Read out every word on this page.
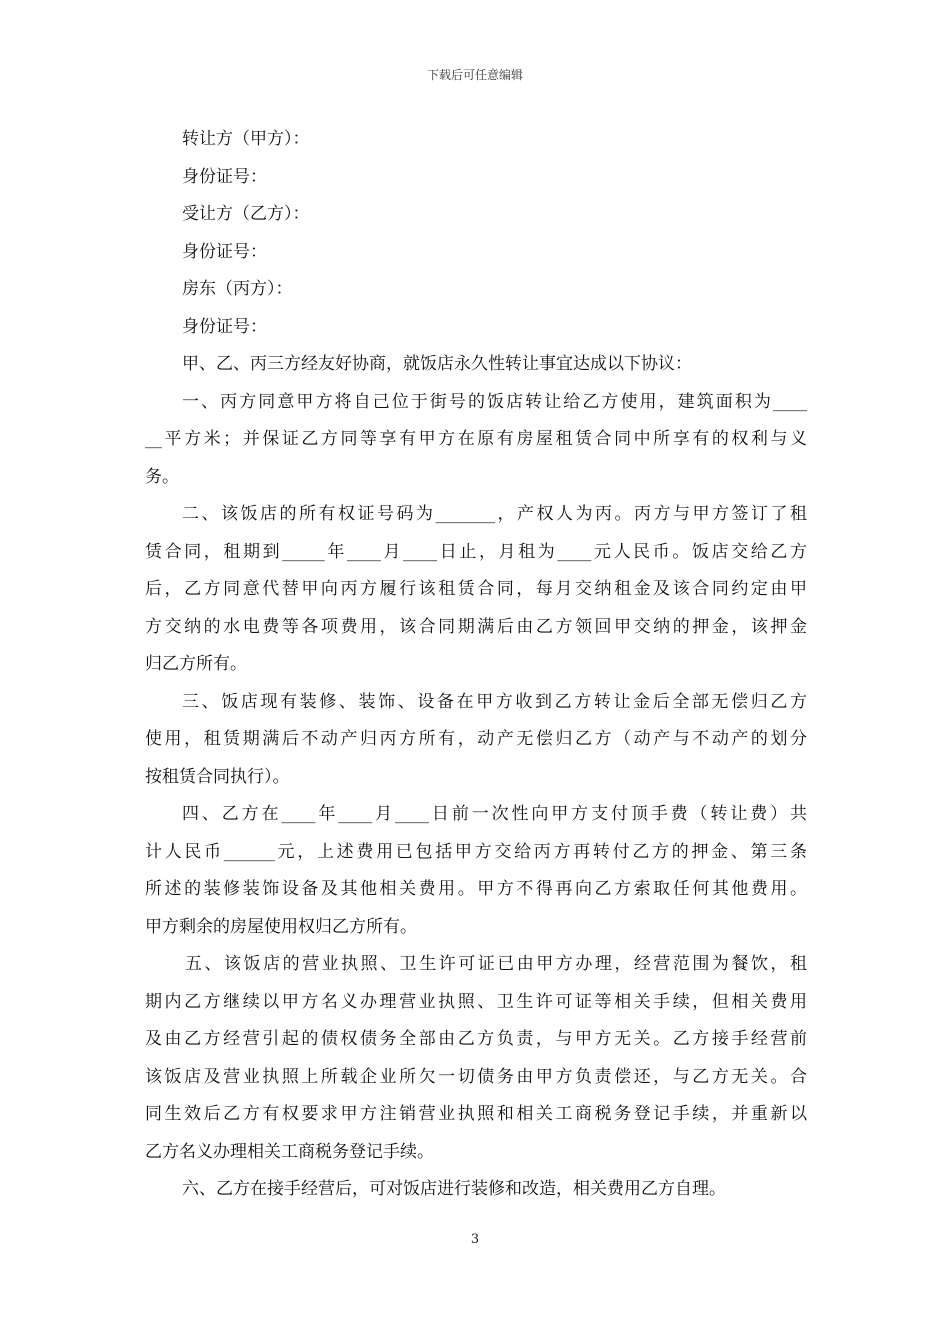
下载后可任意编辑
转让方（甲方）：
身份证号：
受让方（乙方）：
身份证号：
房东（丙方）：
身份证号：
甲、乙、丙三方经友好协商，就饭店永久性转让事宜达成以下协议：
一、丙方同意甲方将自己位于街号的饭店转让给乙方使用，建筑面积为____
__平方米；并保证乙方同等享有甲方在原有房屋租赁合同中所享有的权利与义
务。
二、该饭店的所有权证号码为_______，产权人为丙。丙方与甲方签订了租
赁合同，租期到_____年____月____日止，月租为____元人民币。饭店交给乙方
后，乙方同意代替甲向丙方履行该租赁合同，每月交纳租金及该合同约定由甲
方交纳的水电费等各项费用，该合同期满后由乙方领回甲交纳的押金，该押金
归乙方所有。
三、饭店现有装修、装饰、设备在甲方收到乙方转让金后全部无偿归乙方
使用，租赁期满后不动产归丙方所有，动产无偿归乙方（动产与不动产的划分
按租赁合同执行）。
四、乙方在____年____月____日前一次性向甲方支付顶手费（转让费）共
计人民币______元，上述费用已包括甲方交给丙方再转付乙方的押金、第三条
所述的装修装饰设备及其他相关费用。甲方不得再向乙方索取任何其他费用。
甲方剩余的房屋使用权归乙方所有。
五、该饭店的营业执照、卫生许可证已由甲方办理，经营范围为餐饮，租
期内乙方继续以甲方名义办理营业执照、卫生许可证等相关手续，但相关费用
及由乙方经营引起的债权债务全部由乙方负责，与甲方无关。乙方接手经营前
该饭店及营业执照上所载企业所欠一切债务由甲方负责偿还，与乙方无关。合
同生效后乙方有权要求甲方注销营业执照和相关工商税务登记手续，并重新以
乙方名义办理相关工商税务登记手续。
六、乙方在接手经营后，可对饭店进行装修和改造，相关费用乙方自理。
3
